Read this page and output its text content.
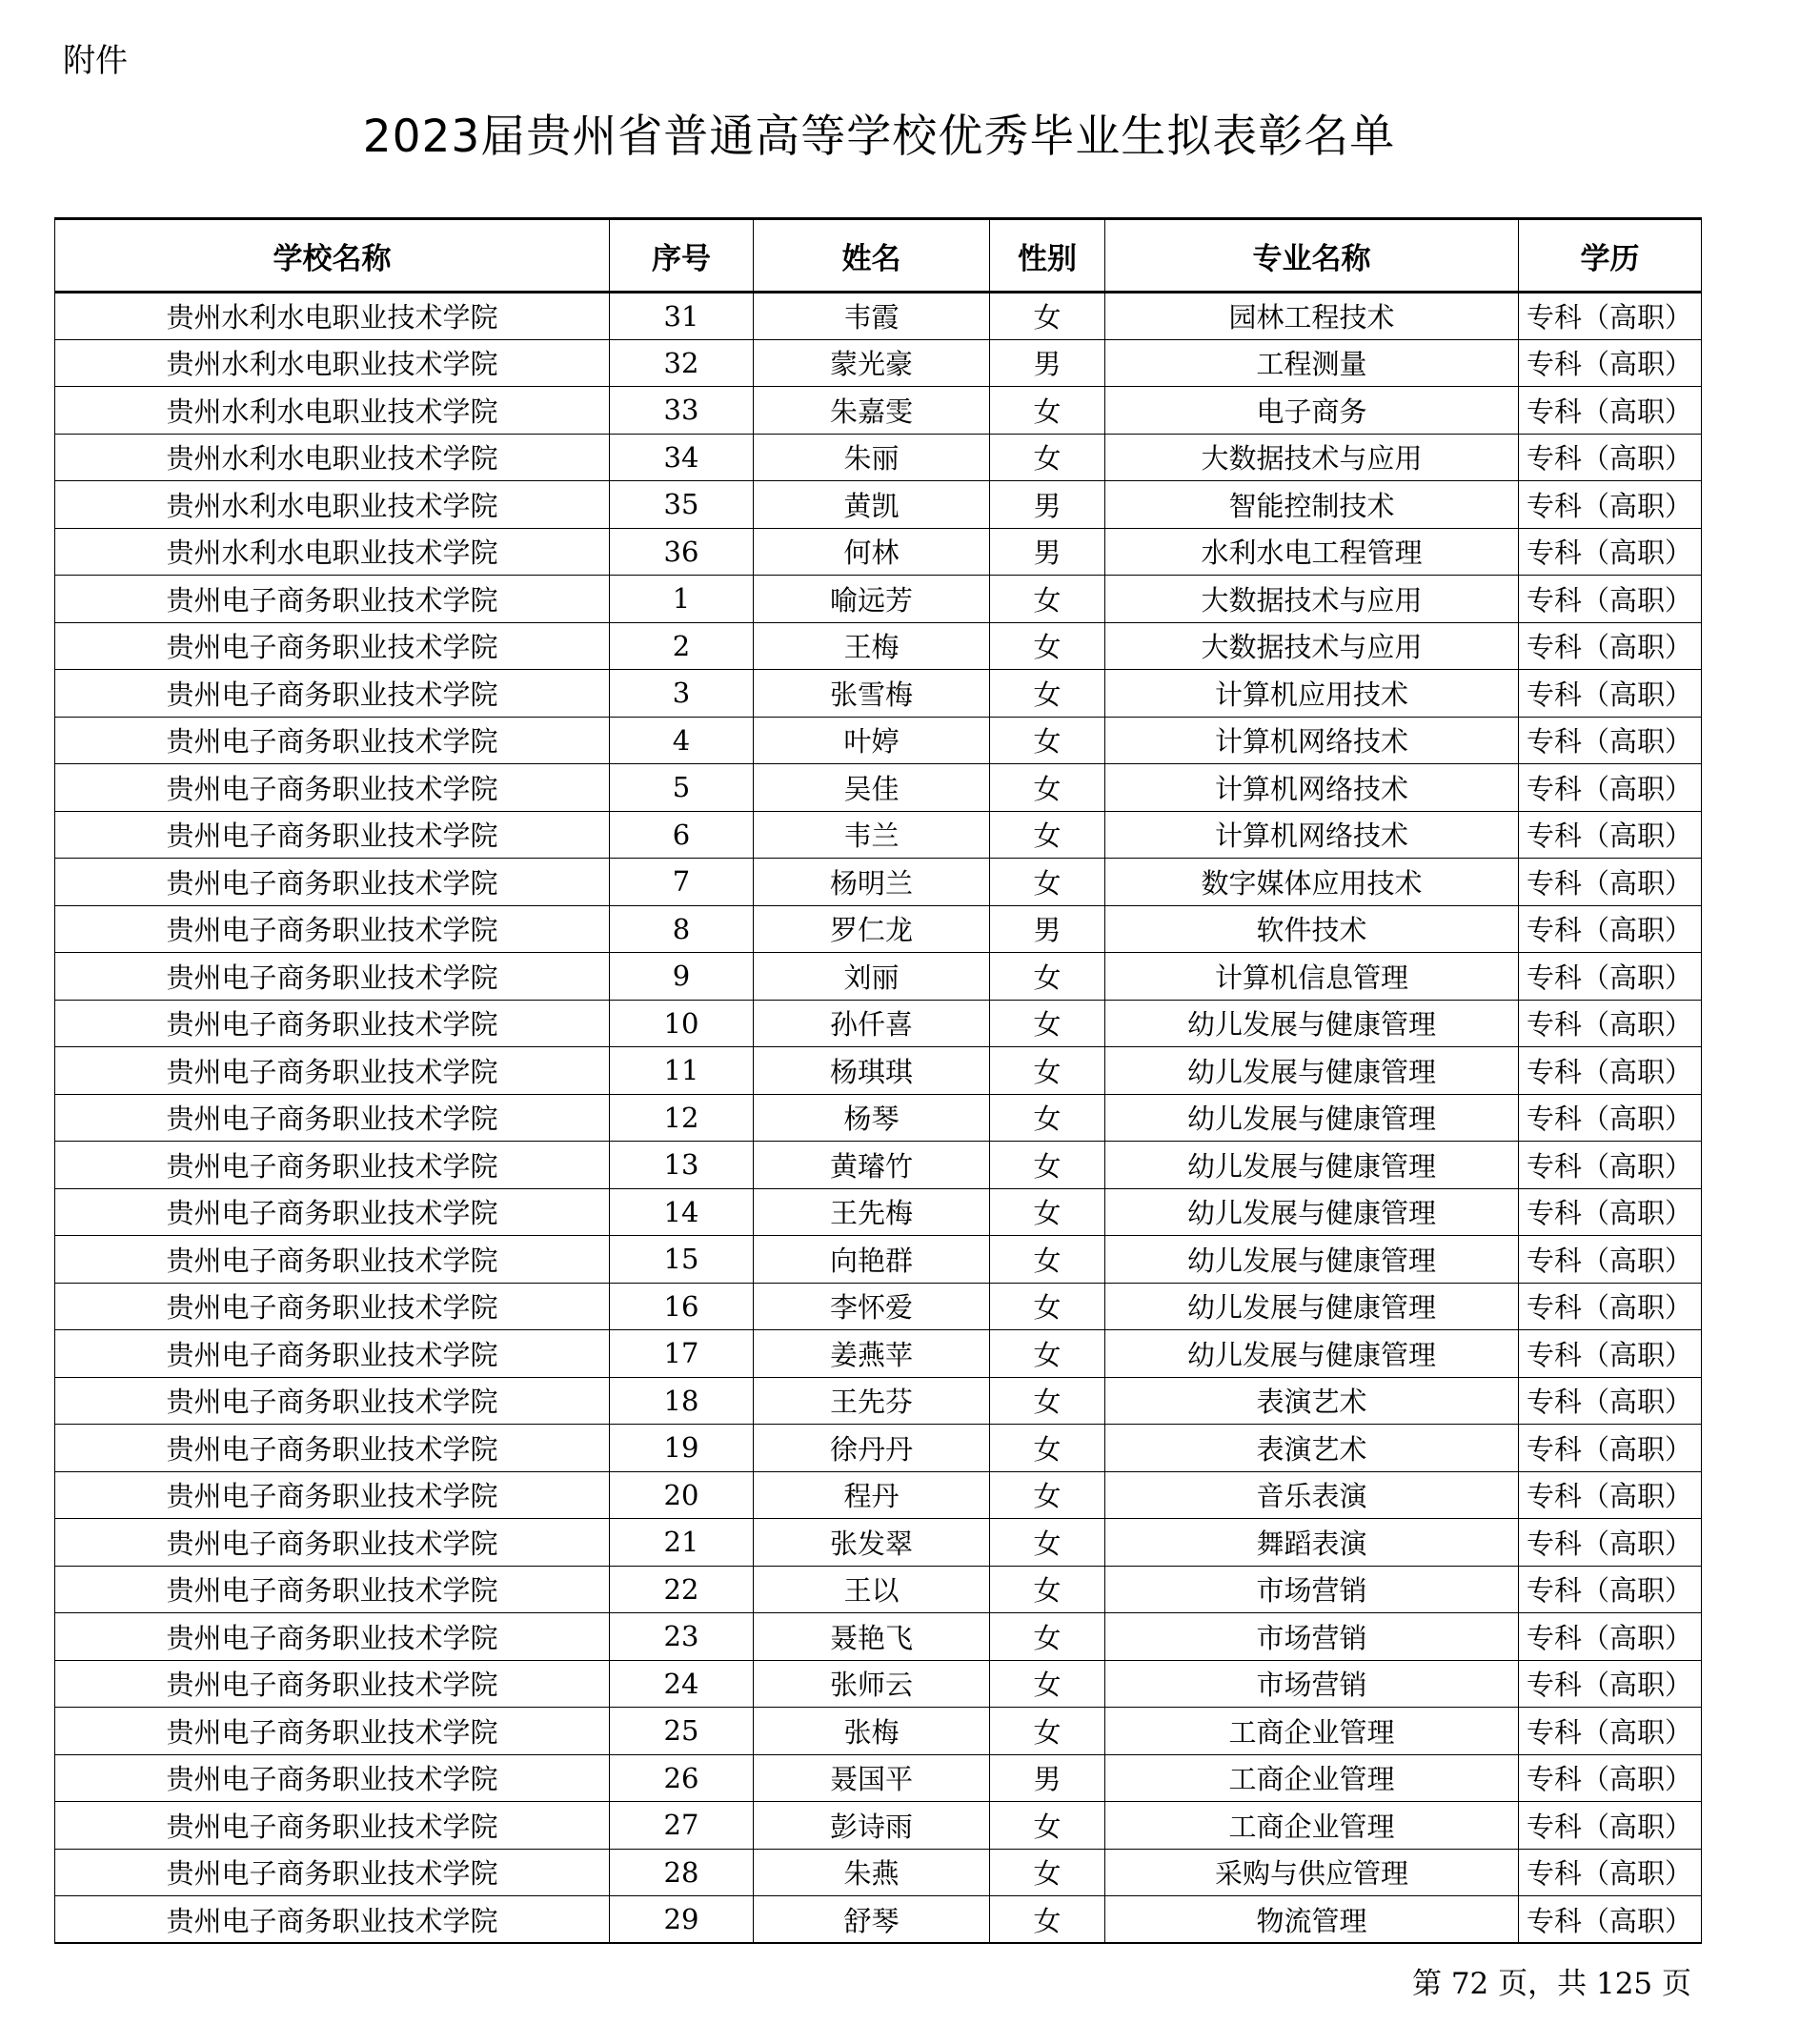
附件
2023届贵州省普通高等学校优秀毕业生拟表彰名单
学校名称	序号	姓名	性别	专业名称	学历
贵州水利水电职业技术学院	31	韦霞	女	园林工程技术	专科（高职）
贵州水利水电职业技术学院	32	蒙光豪	男	工程测量	专科（高职）
贵州水利水电职业技术学院	33	朱嘉雯	女	电子商务	专科（高职）
贵州水利水电职业技术学院	34	朱丽	女	大数据技术与应用	专科（高职）
贵州水利水电职业技术学院	35	黄凯	男	智能控制技术	专科（高职）
贵州水利水电职业技术学院	36	何林	男	水利水电工程管理	专科（高职）
贵州电子商务职业技术学院	1	喻远芳	女	大数据技术与应用	专科（高职）
贵州电子商务职业技术学院	2	王梅	女	大数据技术与应用	专科（高职）
贵州电子商务职业技术学院	3	张雪梅	女	计算机应用技术	专科（高职）
贵州电子商务职业技术学院	4	叶婷	女	计算机网络技术	专科（高职）
贵州电子商务职业技术学院	5	吴佳	女	计算机网络技术	专科（高职）
贵州电子商务职业技术学院	6	韦兰	女	计算机网络技术	专科（高职）
贵州电子商务职业技术学院	7	杨明兰	女	数字媒体应用技术	专科（高职）
贵州电子商务职业技术学院	8	罗仁龙	男	软件技术	专科（高职）
贵州电子商务职业技术学院	9	刘丽	女	计算机信息管理	专科（高职）
贵州电子商务职业技术学院	10	孙仟喜	女	幼儿发展与健康管理	专科（高职）
贵州电子商务职业技术学院	11	杨琪琪	女	幼儿发展与健康管理	专科（高职）
贵州电子商务职业技术学院	12	杨琴	女	幼儿发展与健康管理	专科（高职）
贵州电子商务职业技术学院	13	黄璿竹	女	幼儿发展与健康管理	专科（高职）
贵州电子商务职业技术学院	14	王先梅	女	幼儿发展与健康管理	专科（高职）
贵州电子商务职业技术学院	15	向艳群	女	幼儿发展与健康管理	专科（高职）
贵州电子商务职业技术学院	16	李怀爱	女	幼儿发展与健康管理	专科（高职）
贵州电子商务职业技术学院	17	姜燕苹	女	幼儿发展与健康管理	专科（高职）
贵州电子商务职业技术学院	18	王先芬	女	表演艺术	专科（高职）
贵州电子商务职业技术学院	19	徐丹丹	女	表演艺术	专科（高职）
贵州电子商务职业技术学院	20	程丹	女	音乐表演	专科（高职）
贵州电子商务职业技术学院	21	张发翠	女	舞蹈表演	专科（高职）
贵州电子商务职业技术学院	22	王以	女	市场营销	专科（高职）
贵州电子商务职业技术学院	23	聂艳飞	女	市场营销	专科（高职）
贵州电子商务职业技术学院	24	张师云	女	市场营销	专科（高职）
贵州电子商务职业技术学院	25	张梅	女	工商企业管理	专科（高职）
贵州电子商务职业技术学院	26	聂国平	男	工商企业管理	专科（高职）
贵州电子商务职业技术学院	27	彭诗雨	女	工商企业管理	专科（高职）
贵州电子商务职业技术学院	28	朱燕	女	采购与供应管理	专科（高职）
贵州电子商务职业技术学院	29	舒琴	女	物流管理	专科（高职）
第 72 页，共 125 页
